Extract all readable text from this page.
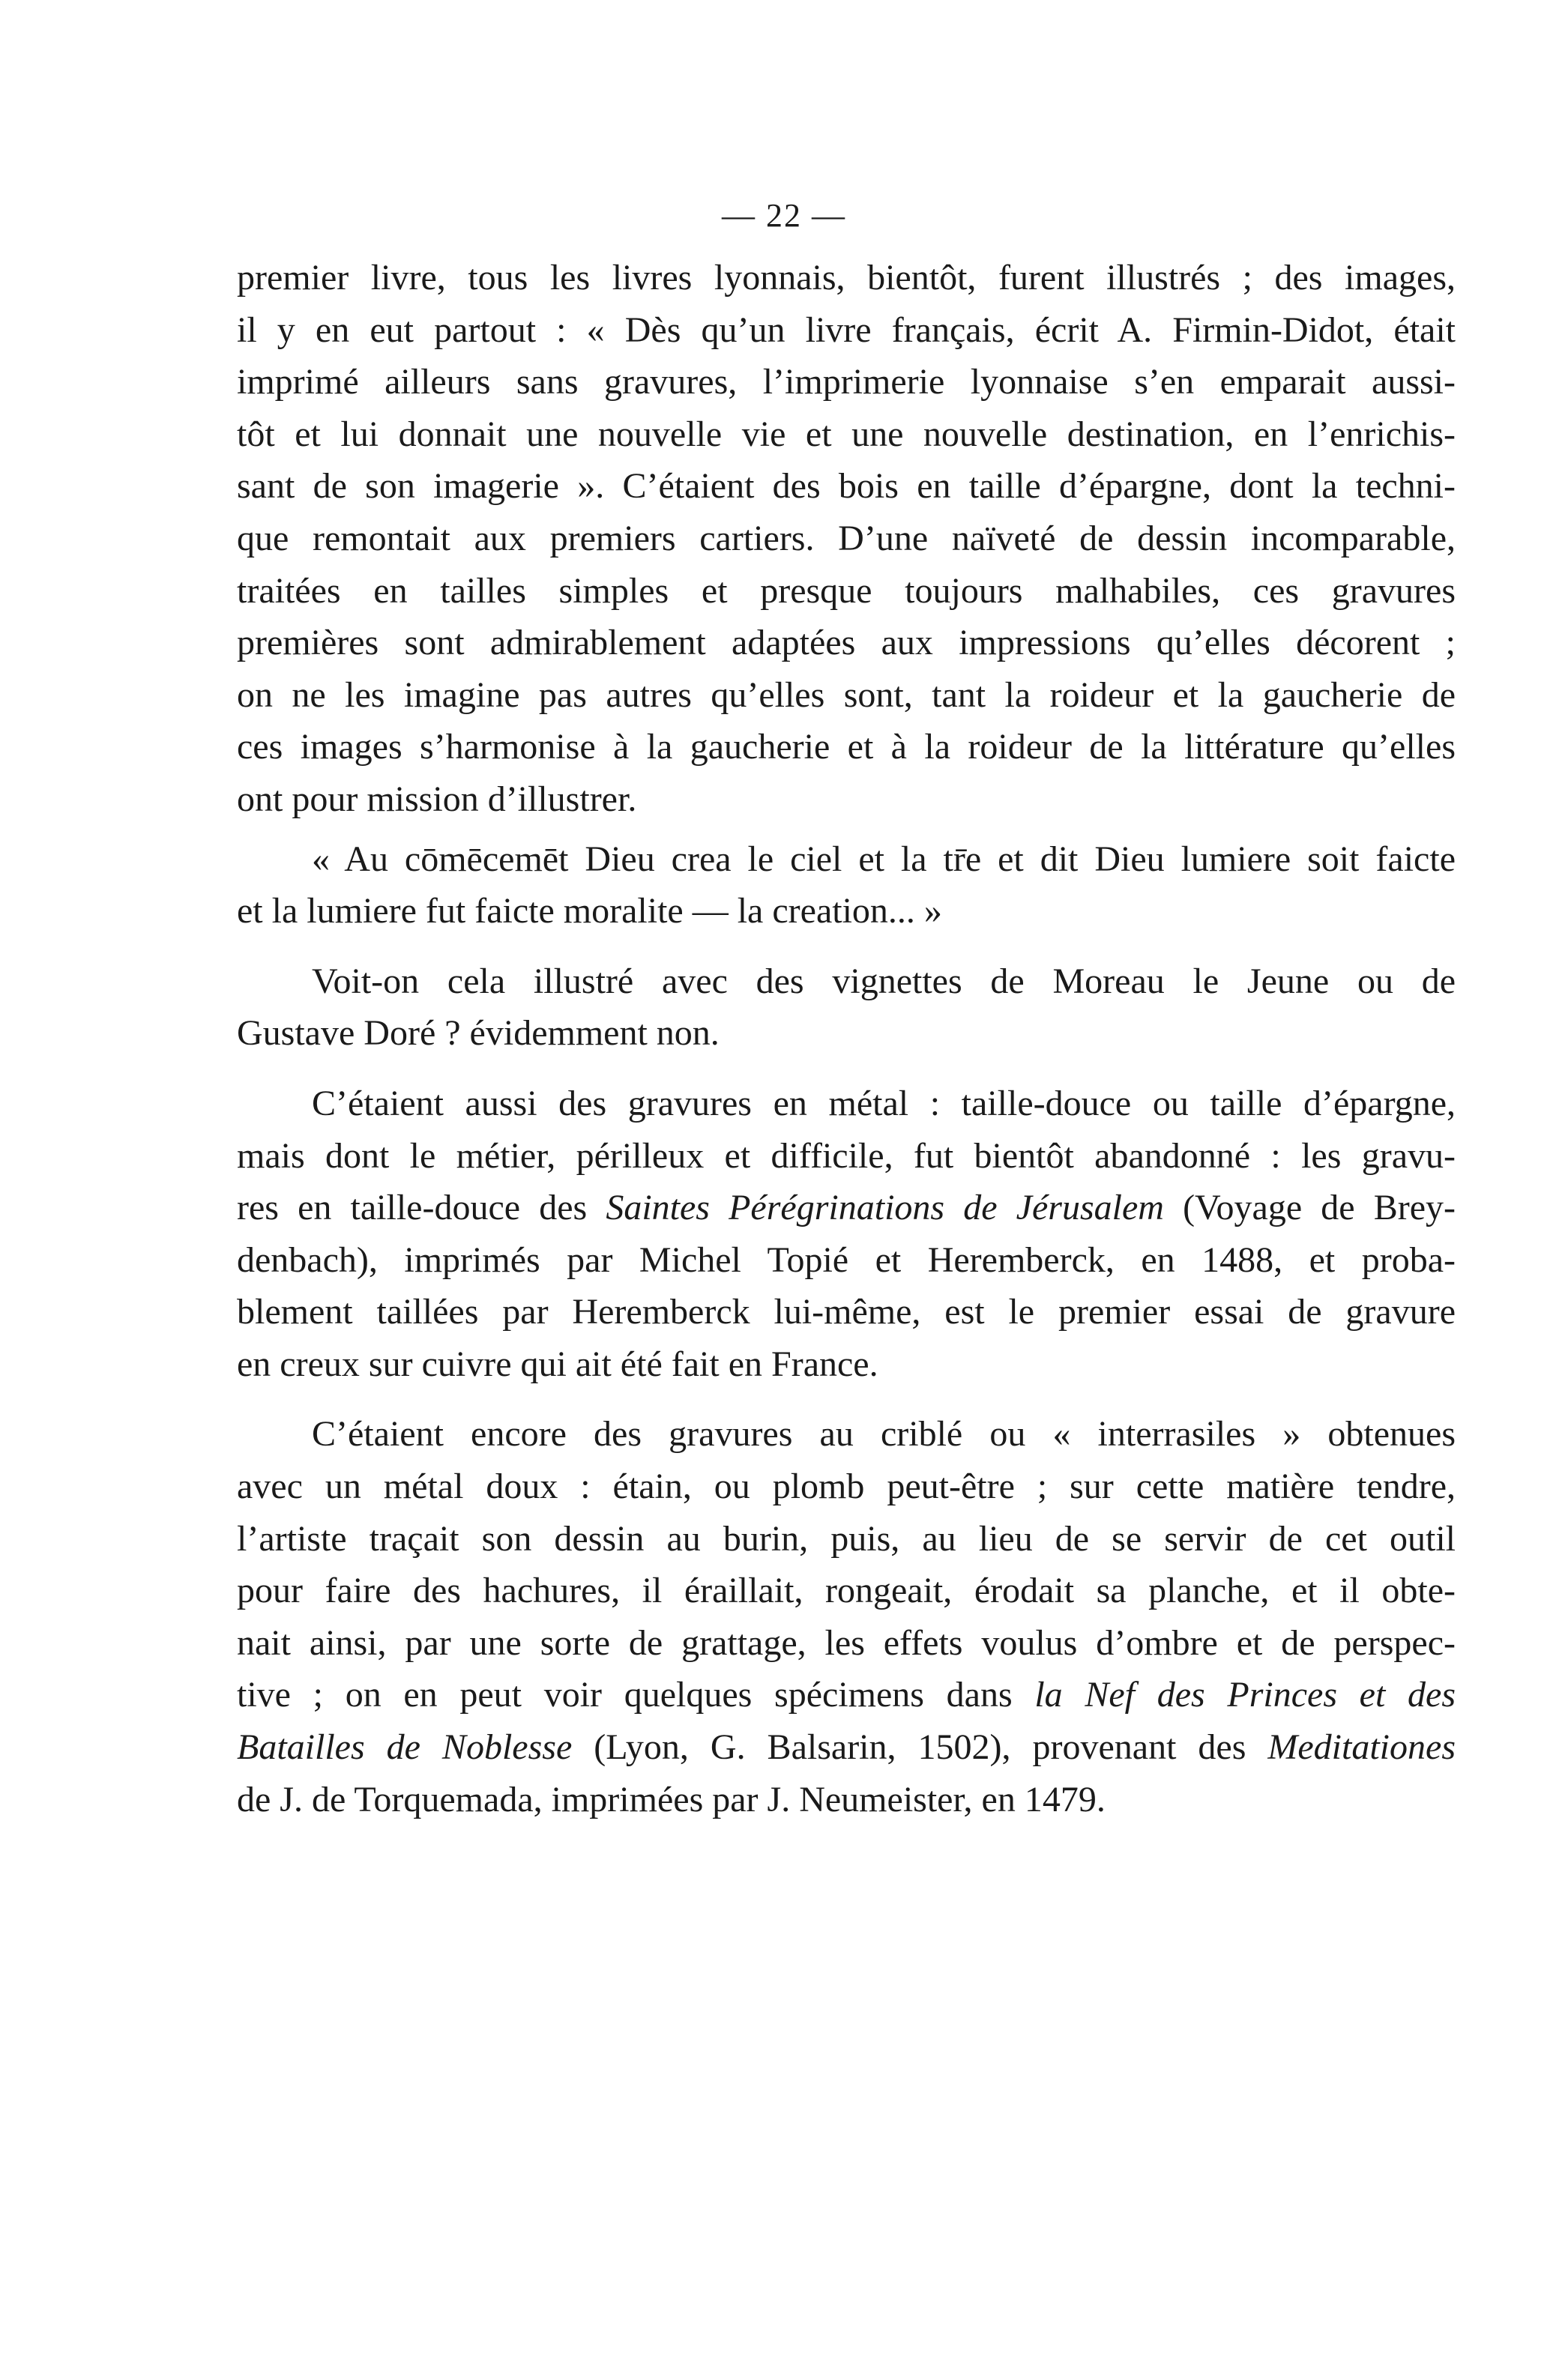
— 22 —

premier livre, tous les livres lyonnais, bientôt, furent illustrés ; des images,
il y en eut partout : « Dès qu’un livre français, écrit A. Firmin-Didot, était
imprimé ailleurs sans gravures, l’imprimerie lyonnaise s’en emparait aussi-
tôt et lui donnait une nouvelle vie et une nouvelle destination, en l’enrichis-
sant de son imagerie ». C’étaient des bois en taille d’épargne, dont la techni-
que remontait aux premiers cartiers. D’une naïveté de dessin incomparable,
traitées en tailles simples et presque toujours malhabiles, ces gravures
premières sont admirablement adaptées aux impressions qu’elles décorent ;
on ne les imagine pas autres qu’elles sont, tant la roideur et la gaucherie de
ces images s’harmonise à la gaucherie et à la roideur de la littérature qu’elles
ont pour mission d’illustrer.

« Au cōmēcemēt Dieu crea le ciel et la tr̄e et dit Dieu lumiere soit faicte
et la lumiere fut faicte moralite — la creation... »

Voit-on cela illustré avec des vignettes de Moreau le Jeune ou de
Gustave Doré ? évidemment non.

C’étaient aussi des gravures en métal : taille-douce ou taille d’épargne,
mais dont le métier, périlleux et difficile, fut bientôt abandonné : les gravu-
res en taille-douce des Saintes Pérégrinations de Jérusalem (Voyage de Brey-
denbach), imprimés par Michel Topié et Heremberck, en 1488, et proba-
blement taillées par Heremberck lui-même, est le premier essai de gravure
en creux sur cuivre qui ait été fait en France.

C’étaient encore des gravures au criblé ou « interrasiles » obtenues
avec un métal doux : étain, ou plomb peut-être ; sur cette matière tendre,
l’artiste traçait son dessin au burin, puis, au lieu de se servir de cet outil
pour faire des hachures, il éraillait, rongeait, érodait sa planche, et il obte-
nait ainsi, par une sorte de grattage, les effets voulus d’ombre et de perspec-
tive ; on en peut voir quelques spécimens dans la Nef des Princes et des
Batailles de Noblesse (Lyon, G. Balsarin, 1502), provenant des Meditationes
de J. de Torquemada, imprimées par J. Neumeister, en 1479.
